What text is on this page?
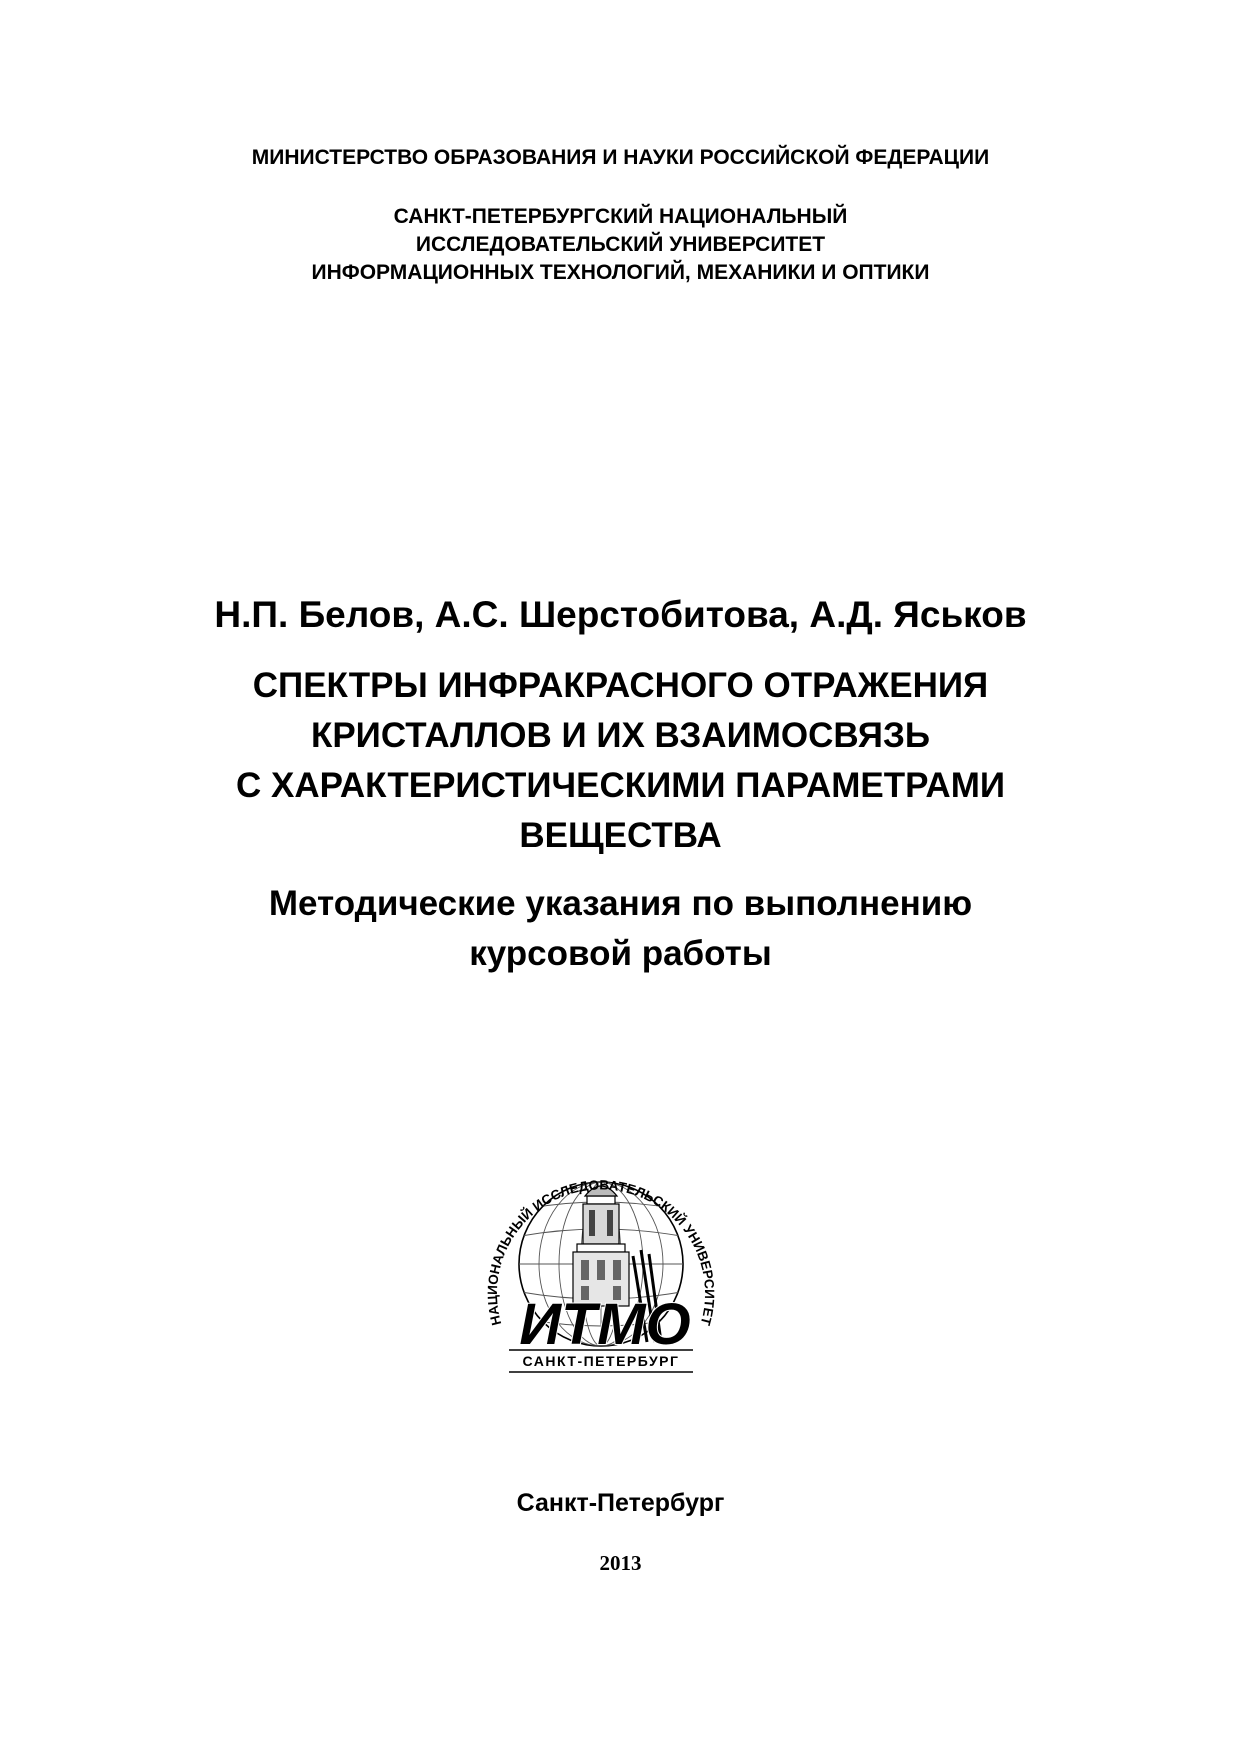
МИНИСТЕРСТВО ОБРАЗОВАНИЯ И НАУКИ РОССИЙСКОЙ ФЕДЕРАЦИИ
САНКТ-ПЕТЕРБУРГСКИЙ НАЦИОНАЛЬНЫЙ
ИССЛЕДОВАТЕЛЬСКИЙ УНИВЕРСИТЕТ
ИНФОРМАЦИОННЫХ ТЕХНОЛОГИЙ, МЕХАНИКИ И ОПТИКИ
Н.П. Белов, А.С. Шерстобитова, А.Д. Яськов
СПЕКТРЫ ИНФРАКРАСНОГО ОТРАЖЕНИЯ
КРИСТАЛЛОВ И ИХ ВЗАИМОСВЯЗЬ
С ХАРАКТЕРИСТИЧЕСКИМИ ПАРАМЕТРАМИ
ВЕЩЕСТВА
Методические указания по выполнению
курсовой работы
НАЦИОНАЛЬНЫЙ ИССЛЕДОВАТЕЛЬСКИЙ УНИВЕРСИТЕТ
ИТМО
САНКТ-ПЕТЕРБУРГ
Санкт-Петербург
2013
